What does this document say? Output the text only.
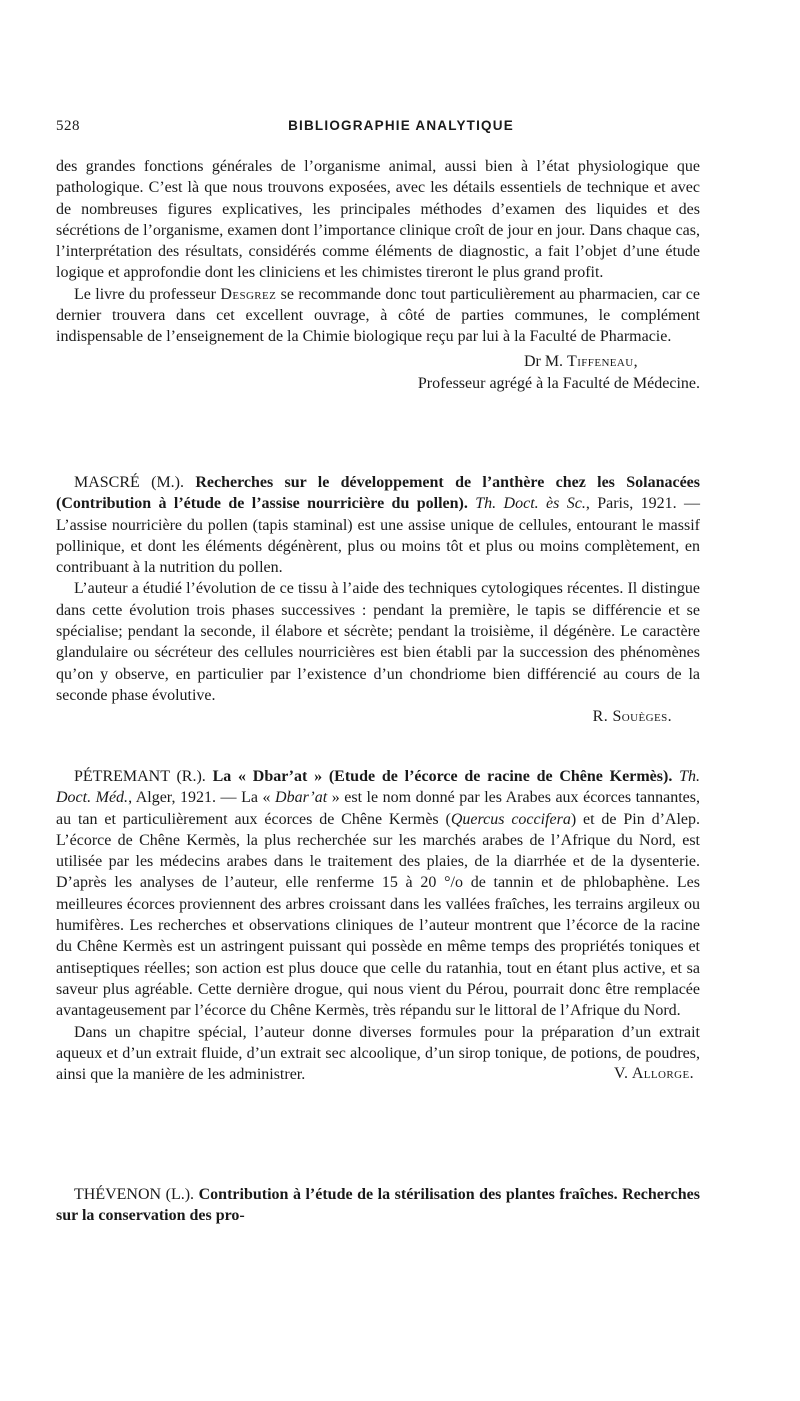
528	BIBLIOGRAPHIE ANALYTIQUE

des grandes fonctions générales de l’organisme animal, aussi bien à l’état physiologique que pathologique. C’est là que nous trouvons exposées, avec les détails essentiels de technique et avec de nombreuses figures explicatives, les principales méthodes d’examen des liquides et des sécrétions de l’organisme, examen dont l’importance clinique croît de jour en jour. Dans chaque cas, l’interprétation des résultats, considérés comme éléments de diagnostic, a fait l’objet d’une étude logique et approfondie dont les cliniciens et les chimistes tireront le plus grand profit.

Le livre du professeur Desgrez se recommande donc tout particulièrement au pharmacien, car ce dernier trouvera dans cet excellent ouvrage, à côté de parties communes, le complément indispensable de l’enseignement de la Chimie biologique reçu par lui à la Faculté de Pharmacie.

Dr M. Tiffeneau,
Professeur agrégé à la Faculté de Médecine.

MASCRÉ (M.). Recherches sur le développement de l’anthère chez les Solanacées (Contribution à l’étude de l’assise nourricière du pollen). Th. Doct. ès Sc., Paris, 1921. — L’assise nourricière du pollen (tapis staminal) est une assise unique de cellules, entourant le massif pollinique, et dont les éléments dégénèrent, plus ou moins tôt et plus ou moins complètement, en contribuant à la nutrition du pollen.

L’auteur a étudié l’évolution de ce tissu à l’aide des techniques cytologiques récentes. Il distingue dans cette évolution trois phases successives : pendant la première, le tapis se différencie et se spécialise; pendant la seconde, il élabore et sécrète; pendant la troisième, il dégénère. Le caractère glandulaire ou sécréteur des cellules nourricières est bien établi par la succession des phénomènes qu’on y observe, en particulier par l’existence d’un chondriome bien différencié au cours de la seconde phase évolutive.

R. Souèges.

PÉTREMANT (R.). La « Dbar’at » (Etude de l’écorce de racine de Chêne Kermès). Th. Doct. Méd., Alger, 1921. — La « Dbar’at » est le nom donné par les Arabes aux écorces tannantes, au tan et particulièrement aux écorces de Chêne Kermès (Quercus coccifera) et de Pin d’Alep. L’écorce de Chêne Kermès, la plus recherchée sur les marchés arabes de l’Afrique du Nord, est utilisée par les médecins arabes dans le traitement des plaies, de la diarrhée et de la dysenterie. D’après les analyses de l’auteur, elle renferme 15 à 20 °/o de tannin et de phlobaphène. Les meilleures écorces proviennent des arbres croissant dans les vallées fraîches, les terrains argileux ou humifères. Les recherches et observations cliniques de l’auteur montrent que l’écorce de la racine du Chêne Kermès est un astringent puissant qui possède en même temps des propriétés toniques et antiseptiques réelles; son action est plus douce que celle du ratanhia, tout en étant plus active, et sa saveur plus agréable. Cette dernière drogue, qui nous vient du Pérou, pourrait donc être remplacée avantageusement par l’écorce du Chêne Kermès, très répandu sur le littoral de l’Afrique du Nord.

Dans un chapitre spécial, l’auteur donne diverses formules pour la préparation d’un extrait aqueux et d’un extrait fluide, d’un extrait sec alcoolique, d’un sirop tonique, de potions, de poudres, ainsi que la manière de les administrer.	V. Allorge.

THÉVENON (L.). Contribution à l’étude de la stérilisation des plantes fraîches. Recherches sur la conservation des pro-
